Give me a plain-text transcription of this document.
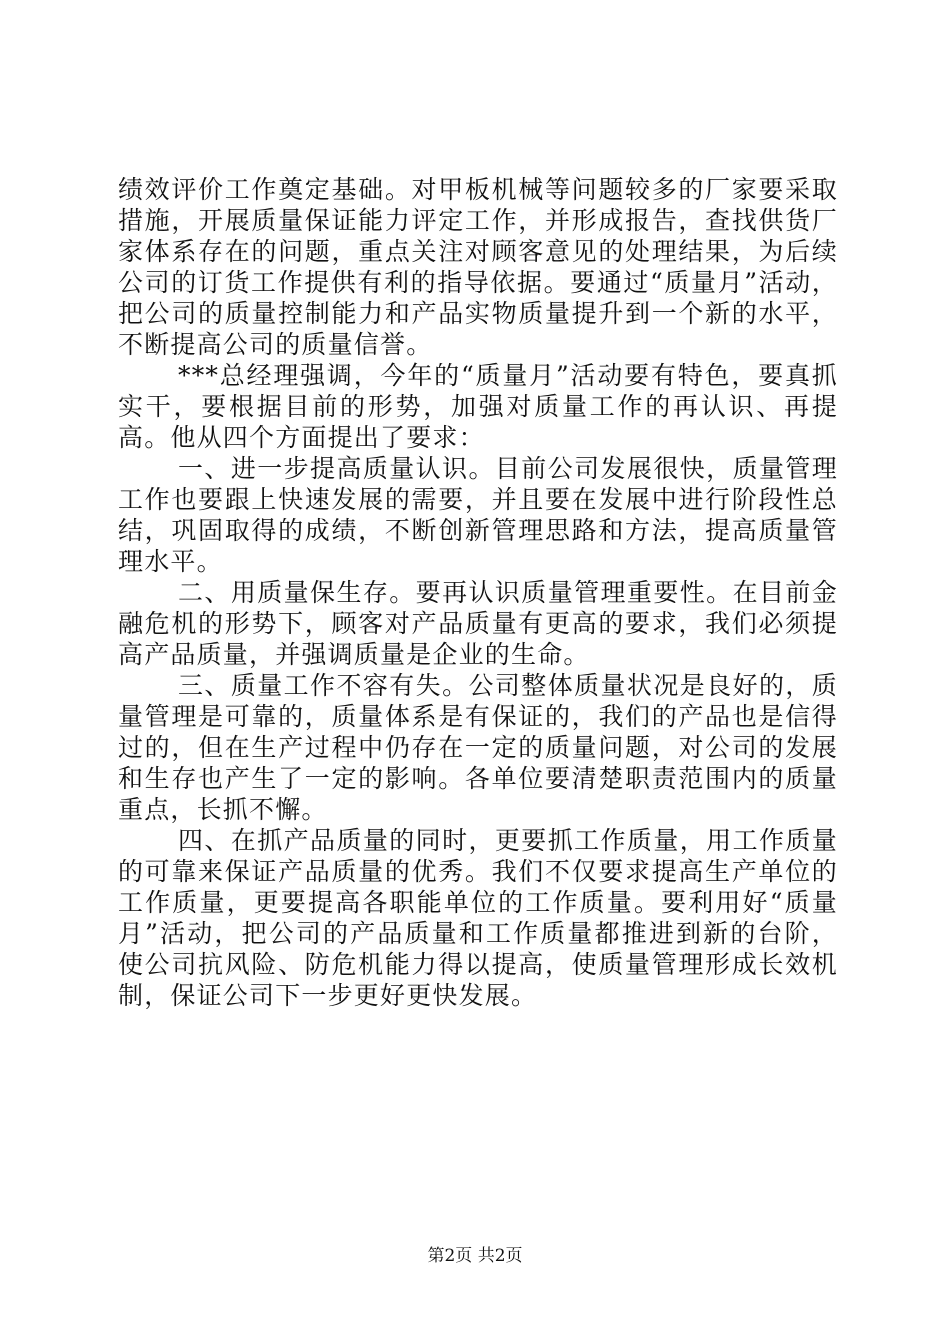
绩效评价工作奠定基础。对甲板机械等问题较多的厂家要采取措施，开展质量保证能力评定工作，并形成报告，查找供货厂家体系存在的问题，重点关注对顾客意见的处理结果，为后续公司的订货工作提供有利的指导依据。要通过“质量月”活动，把公司的质量控制能力和产品实物质量提升到一个新的水平，不断提高公司的质量信誉。

***总经理强调，今年的“质量月”活动要有特色，要真抓实干，要根据目前的形势，加强对质量工作的再认识、再提高。他从四个方面提出了要求：

一、进一步提高质量认识。目前公司发展很快，质量管理工作也要跟上快速发展的需要，并且要在发展中进行阶段性总结，巩固取得的成绩，不断创新管理思路和方法，提高质量管理水平。

二、用质量保生存。要再认识质量管理重要性。在目前金融危机的形势下，顾客对产品质量有更高的要求，我们必须提高产品质量，并强调质量是企业的生命。

三、质量工作不容有失。公司整体质量状况是良好的，质量管理是可靠的，质量体系是有保证的，我们的产品也是信得过的，但在生产过程中仍存在一定的质量问题，对公司的发展和生存也产生了一定的影响。各单位要清楚职责范围内的质量重点，长抓不懈。

四、在抓产品质量的同时，更要抓工作质量，用工作质量的可靠来保证产品质量的优秀。我们不仅要求提高生产单位的工作质量，更要提高各职能单位的工作质量。要利用好“质量月”活动，把公司的产品质量和工作质量都推进到新的台阶，使公司抗风险、防危机能力得以提高，使质量管理形成长效机制，保证公司下一步更好更快发展。

第2页 共2页
